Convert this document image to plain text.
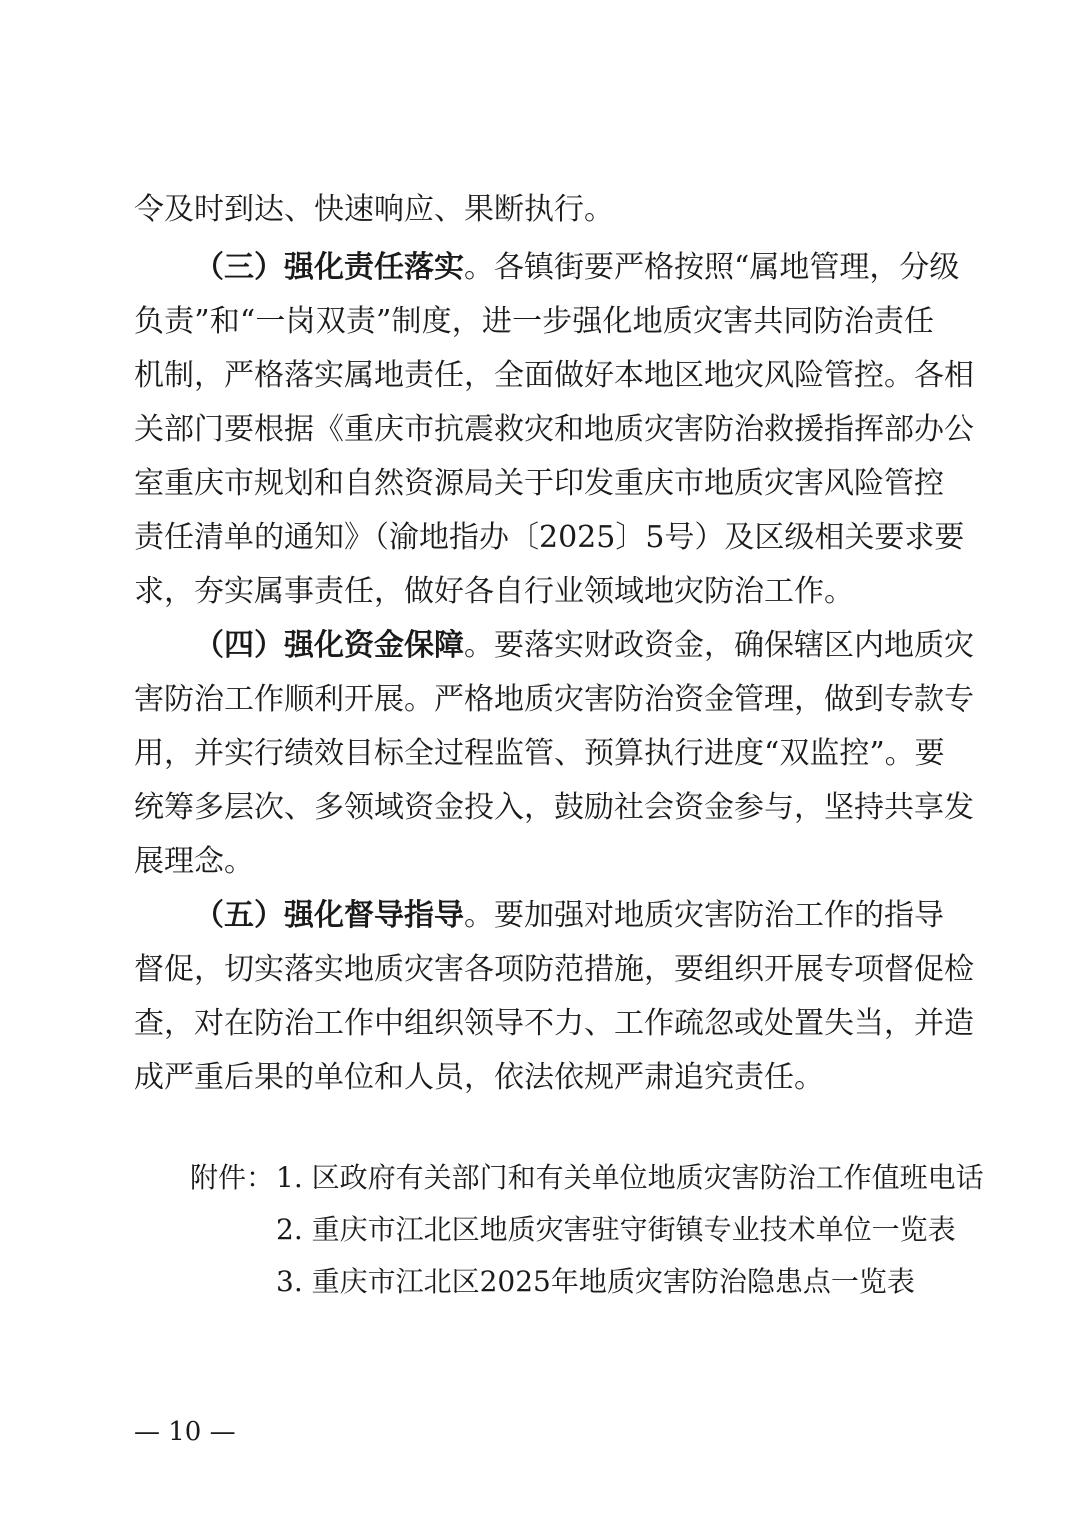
令及时到达、快速响应、果断执行。
（三）强化责任落实。各镇街要严格按照“属地管理，分级
负责”和“一岗双责”制度，进一步强化地质灾害共同防治责任
机制，严格落实属地责任，全面做好本地区地灾风险管控。各相
关部门要根据《重庆市抗震救灾和地质灾害防治救援指挥部办公
室重庆市规划和自然资源局关于印发重庆市地质灾害风险管控
责任清单的通知》（渝地指办〔2025〕5号）及区级相关要求要
求，夯实属事责任，做好各自行业领域地灾防治工作。
（四）强化资金保障。要落实财政资金，确保辖区内地质灾
害防治工作顺利开展。严格地质灾害防治资金管理，做到专款专
用，并实行绩效目标全过程监管、预算执行进度“双监控”。要
统筹多层次、多领域资金投入，鼓励社会资金参与，坚持共享发
展理念。
（五）强化督导指导。要加强对地质灾害防治工作的指导
督促，切实落实地质灾害各项防范措施，要组织开展专项督促检
查，对在防治工作中组织领导不力、工作疏忽或处置失当，并造
成严重后果的单位和人员，依法依规严肃追究责任。
附件： 1. 区政府有关部门和有关单位地质灾害防治工作值班电话
2. 重庆市江北区地质灾害驻守街镇专业技术单位一览表
3. 重庆市江北区2025年地质灾害防治隐患点一览表
— 10 —
